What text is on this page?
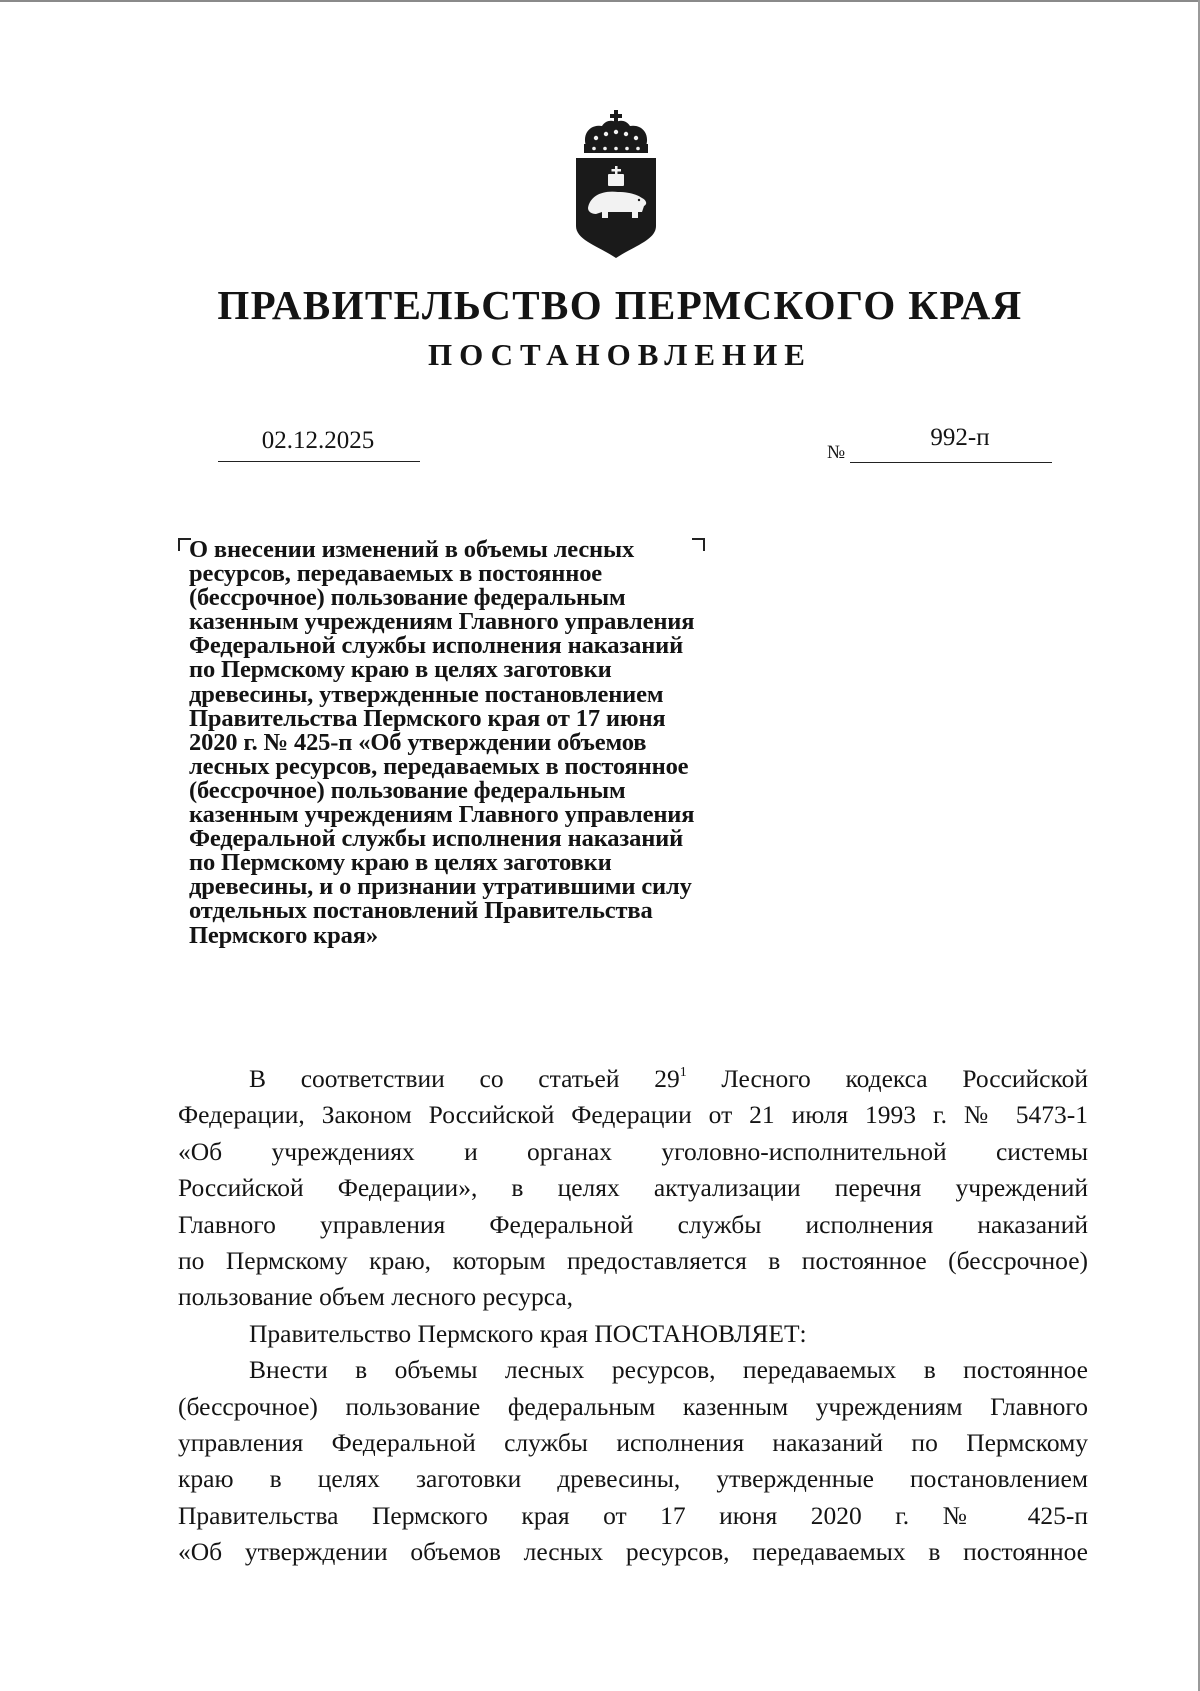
ПРАВИТЕЛЬСТВО ПЕРМСКОГО КРАЯ
ПОСТАНОВЛЕНИЕ
02.12.2025	№
992-п
О внесении изменений в объемы лесных
ресурсов, передаваемых в постоянное
(бессрочное) пользование федеральным
казенным учреждениям Главного управления
Федеральной службы исполнения наказаний
по Пермскому краю в целях заготовки
древесины, утвержденные постановлением
Правительства Пермского края от 17 июня
2020 г. № 425-п «Об утверждении объемов
лесных ресурсов, передаваемых в постоянное
(бессрочное) пользование федеральным
казенным учреждениям Главного управления
Федеральной службы исполнения наказаний
по Пермскому краю в целях заготовки
древесины, и о признании утратившими силу
отдельных постановлений Правительства
Пермского края»
В соответствии со статьей $29^1$ Лесного кодекса Российской
Федерации, Законом Российской Федерации от 21 июля 1993 г. № 5473-1
«Об учреждениях и органах уголовно-исполнительной системы
Российской Федерации», в целях актуализации перечня учреждений
Главного управления Федеральной службы исполнения наказаний
по Пермскому краю, которым предоставляется в постоянное (бессрочное)
пользование объем лесного ресурса,
Правительство Пермского края ПОСТАНОВЛЯЕТ:
Внести в объемы лесных ресурсов, передаваемых в постоянное
(бессрочное) пользование федеральным казенным учреждениям Главного
управления Федеральной службы исполнения наказаний по Пермскому
краю в целях заготовки древесины, утвержденные постановлением
Правительства Пермского края от 17 июня 2020 г. № 425-п
«Об утверждении объемов лесных ресурсов, передаваемых в постоянное
